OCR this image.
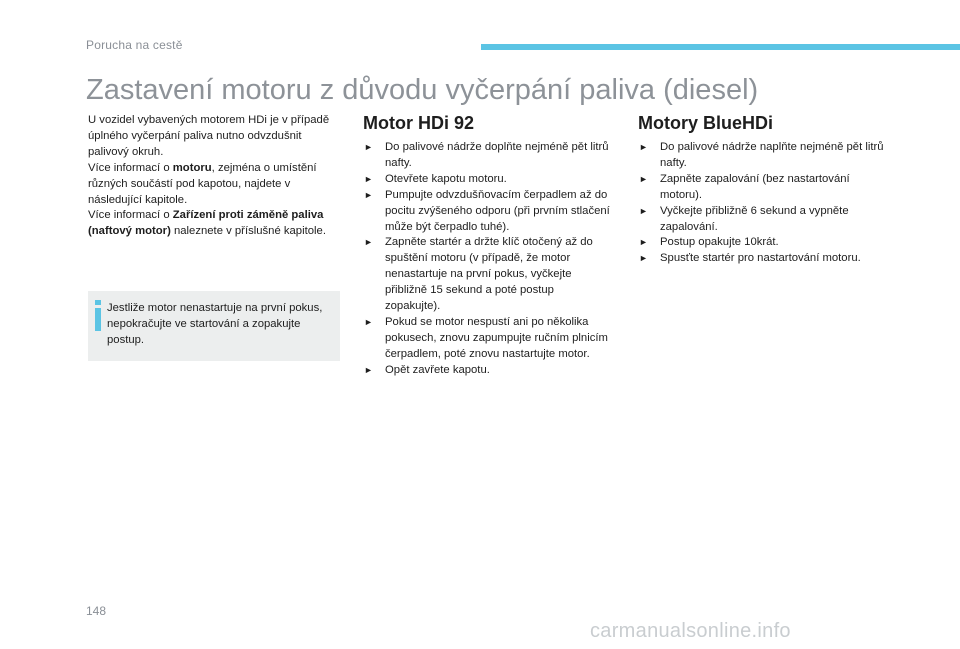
Porucha na cestě
Zastavení motoru z důvodu vyčerpání paliva (diesel)

U vozidel vybavených motorem HDi je v případě úplného vyčerpání paliva nutno odvzdušnit palivový okruh.

Více informací o motoru, zejména o umístění různých součástí pod kapotou, najdete v následující kapitole.

Více informací o Zařízení proti záměně paliva (naftový motor) naleznete v příslušné kapitole.

Jestliže motor nenastartuje na první pokus, nepokračujte ve startování a zopakujte postup.
Motor HDi 92
► Do palivové nádrže doplňte nejméně pět litrů nafty.
► Otevřete kapotu motoru.
► Pumpujte odvzdušňovacím čerpadlem až do pocitu zvýšeného odporu (při prvním stlačení může být čerpadlo tuhé).
► Zapněte startér a držte klíč otočený až do spuštění motoru (v případě, že motor nenastartuje na první pokus, vyčkejte přibližně 15 sekund a poté postup zopakujte).
► Pokud se motor nespustí ani po několika pokusech, znovu zapumpujte ručním plnicím čerpadlem, poté znovu nastartujte motor.
► Opět zavřete kapotu.
Motory BlueHDi
► Do palivové nádrže naplňte nejméně pět litrů nafty.
► Zapněte zapalování (bez nastartování motoru).
► Vyčkejte přibližně 6 sekund a vypněte zapalování.
► Postup opakujte 10krát.
► Spusťte startér pro nastartování motoru.
148
carmanualsonline.info
